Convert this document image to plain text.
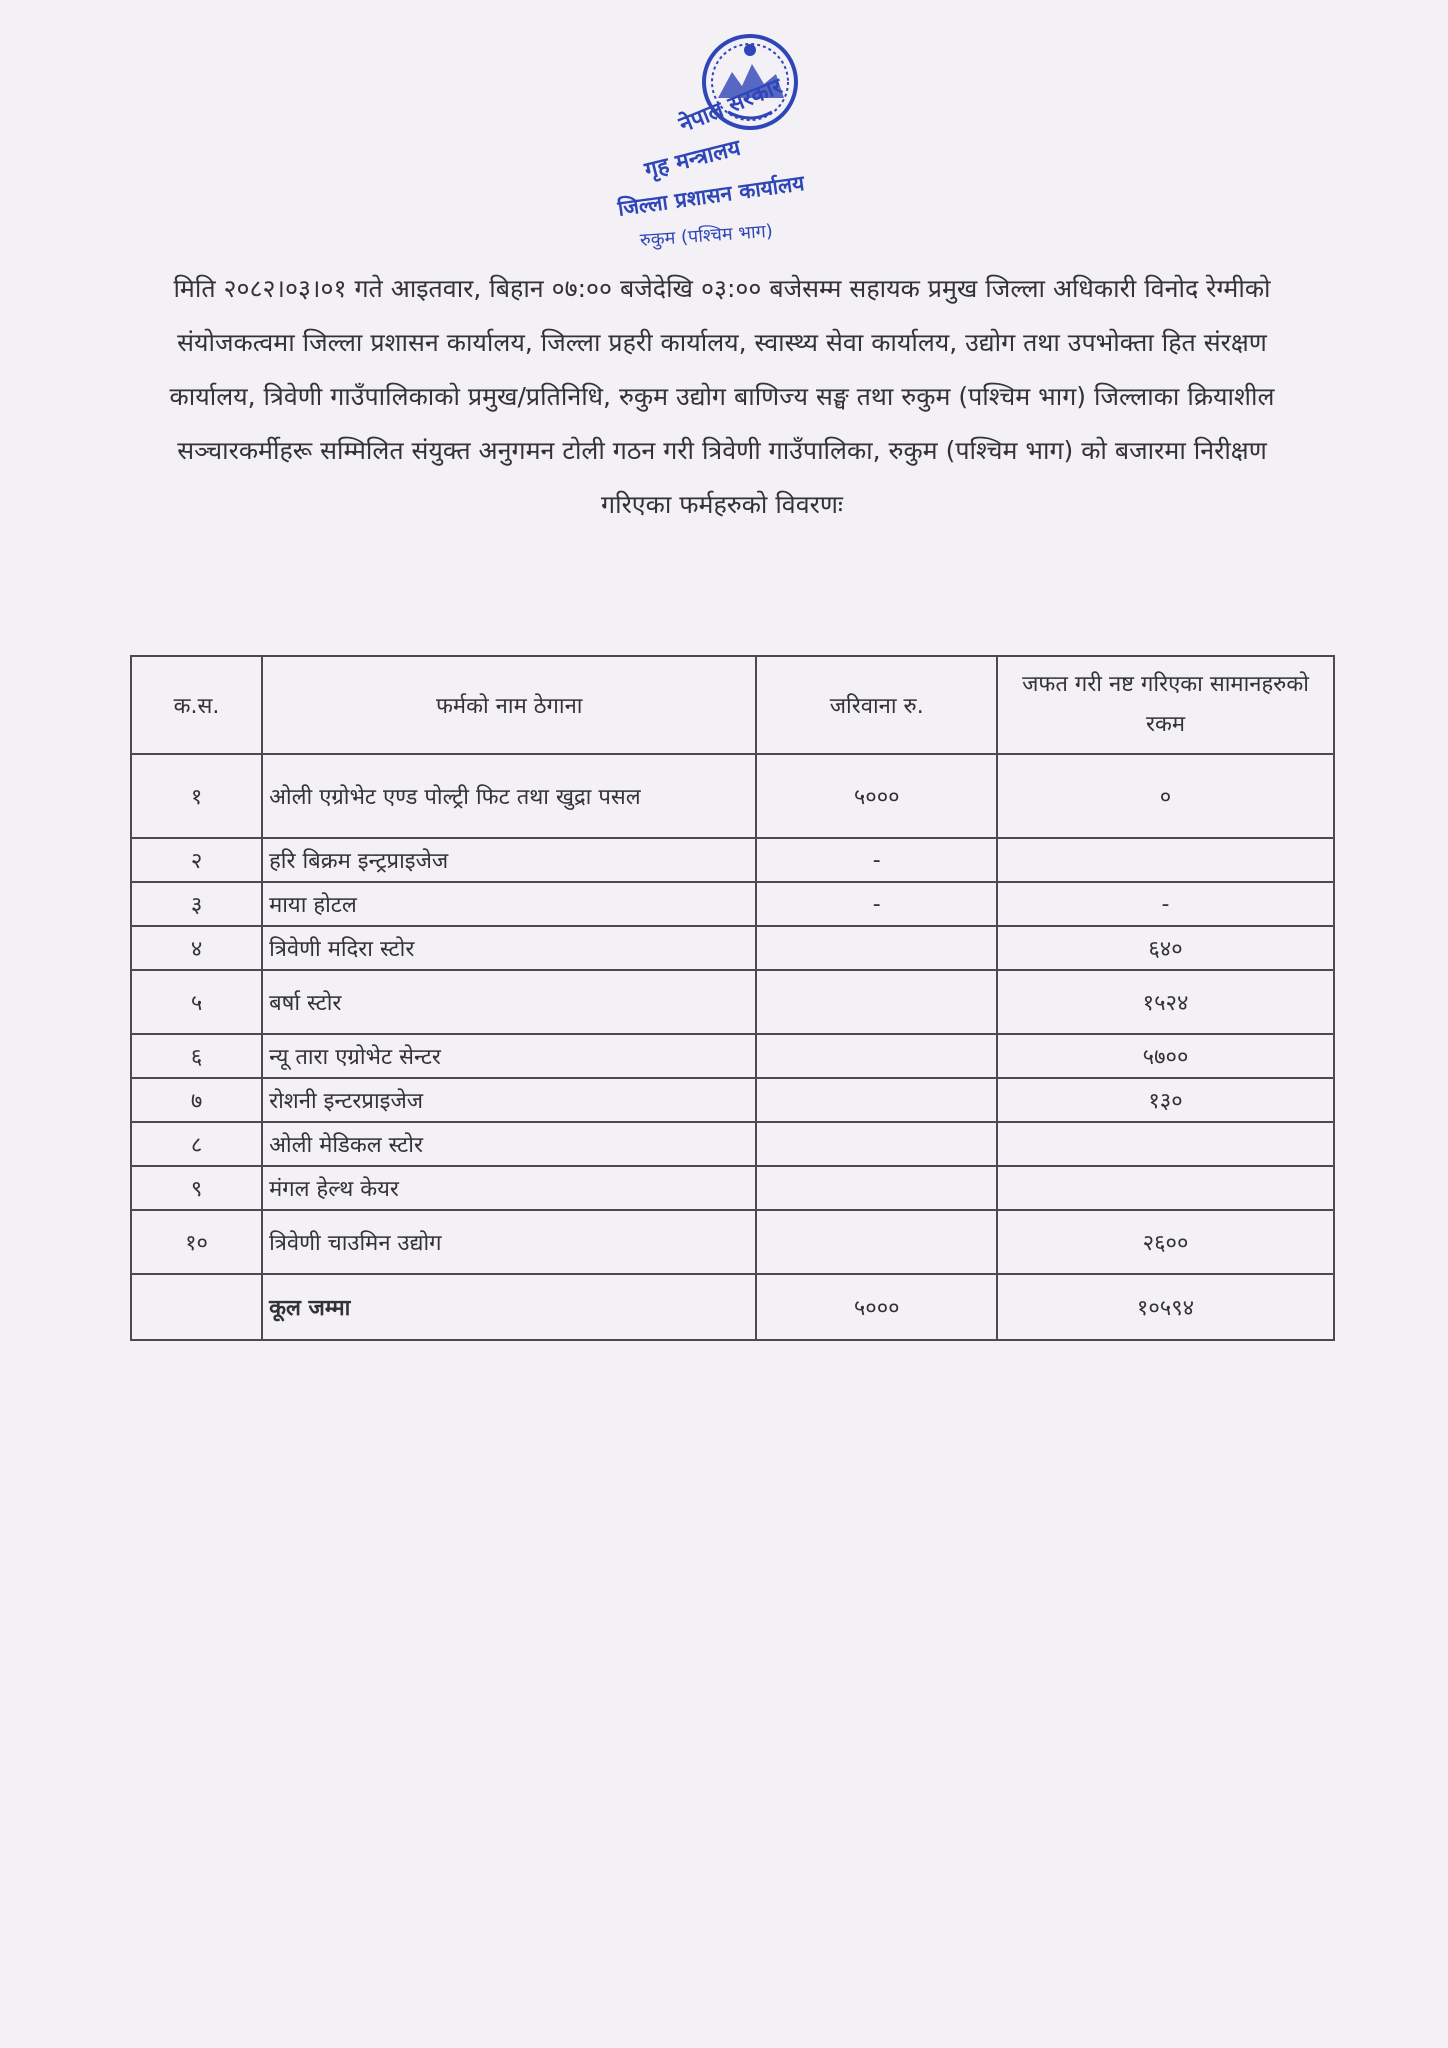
नेपाल सरकार
गृह मन्त्रालय
जिल्ला प्रशासन कार्यालय
रुकुम (पश्चिम भाग)
मिति २०८२।०३।०१ गते आइतवार, बिहान ०७:०० बजेदेखि ०३:०० बजेसम्म सहायक प्रमुख जिल्ला अधिकारी विनोद रेग्मीको संयोजकत्वमा जिल्ला प्रशासन कार्यालय, जिल्ला प्रहरी कार्यालय, स्वास्थ्य सेवा कार्यालय, उद्योग तथा उपभोक्ता हित संरक्षण कार्यालय, त्रिवेणी गाउँपालिकाको प्रमुख/प्रतिनिधि, रुकुम उद्योग बाणिज्य सङ्घ तथा रुकुम (पश्चिम भाग) जिल्लाका क्रियाशील सञ्चारकर्मीहरू सम्मिलित संयुक्त अनुगमन टोली गठन गरी त्रिवेणी गाउँपालिका, रुकुम (पश्चिम भाग) को बजारमा निरीक्षण गरिएका फर्महरुको विवरणः
क.स.	फर्मको नाम ठेगाना	जरिवाना रु.	जफत गरी नष्ट गरिएका सामानहरुको रकम
१	ओली एग्रोभेट एण्ड पोल्ट्री फिट तथा खुद्रा पसल	५०००	०
२	हरि बिक्रम इन्ट्रप्राइजेज	-	
३	माया होटल	-	-
४	त्रिवेणी मदिरा स्टोर		६४०
५	बर्षा स्टोर		१५२४
६	न्यू तारा एग्रोभेट सेन्टर		५७००
७	रोशनी इन्टरप्राइजेज		१३०
८	ओली मेडिकल स्टोर		
९	मंगल हेल्थ केयर		
१०	त्रिवेणी चाउमिन उद्योग		२६००
	कूल जम्मा	५०००	१०५९४
